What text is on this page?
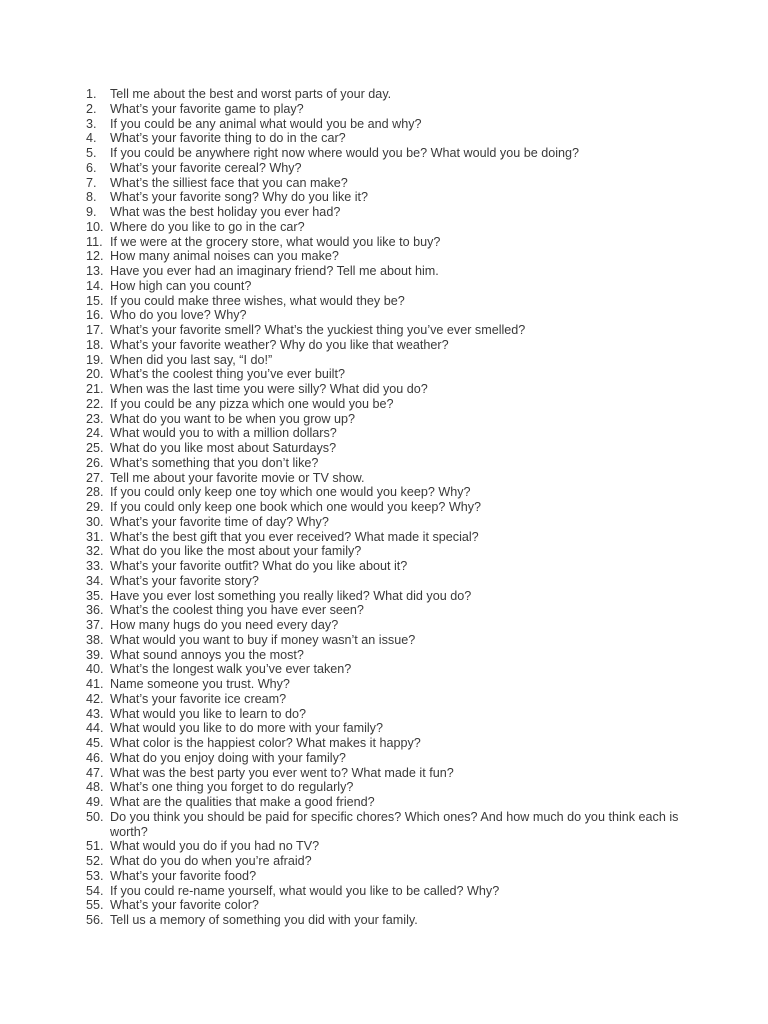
1.	Tell me about the best and worst parts of your day.
2.	What’s your favorite game to play?
3.	If you could be any animal what would you be and why?
4.	What’s your favorite thing to do in the car?
5.	If you could be anywhere right now where would you be? What would you be doing?
6.	What’s your favorite cereal? Why?
7.	What’s the silliest face that you can make?
8.	What’s your favorite song? Why do you like it?
9.	What was the best holiday you ever had?
10. Where do you like to go in the car?
11. If we were at the grocery store, what would you like to buy?
12. How many animal noises can you make?
13. Have you ever had an imaginary friend? Tell me about him.
14. How high can you count?
15. If you could make three wishes, what would they be?
16. Who do you love? Why?
17. What’s your favorite smell? What’s the yuckiest thing you’ve ever smelled?
18. What’s your favorite weather? Why do you like that weather?
19. When did you last say, “I do!”
20. What’s the coolest thing you’ve ever built?
21. When was the last time you were silly? What did you do?
22. If you could be any pizza which one would you be?
23. What do you want to be when you grow up?
24. What would you to with a million dollars?
25. What do you like most about Saturdays?
26. What’s something that you don’t like?
27. Tell me about your favorite movie or TV show.
28. If you could only keep one toy which one would you keep? Why?
29. If you could only keep one book which one would you keep? Why?
30. What’s your favorite time of day? Why?
31. What’s the best gift that you ever received? What made it special?
32. What do you like the most about your family?
33. What’s your favorite outfit? What do you like about it?
34. What’s your favorite story?
35. Have you ever lost something you really liked? What did you do?
36. What’s the coolest thing you have ever seen?
37. How many hugs do you need every day?
38. What would you want to buy if money wasn’t an issue?
39. What sound annoys you the most?
40. What’s the longest walk you’ve ever taken?
41. Name someone you trust. Why?
42. What’s your favorite ice cream?
43. What would you like to learn to do?
44. What would you like to do more with your family?
45. What color is the happiest color? What makes it happy?
46. What do you enjoy doing with your family?
47. What was the best party you ever went to? What made it fun?
48. What’s one thing you forget to do regularly?
49. What are the qualities that make a good friend?
50. Do you think you should be paid for specific chores? Which ones? And how much do you think each is worth?
51. What would you do if you had no TV?
52. What do you do when you’re afraid?
53. What’s your favorite food?
54. If you could re-name yourself, what would you like to be called? Why?
55. What’s your favorite color?
56. Tell us a memory of something you did with your family.
